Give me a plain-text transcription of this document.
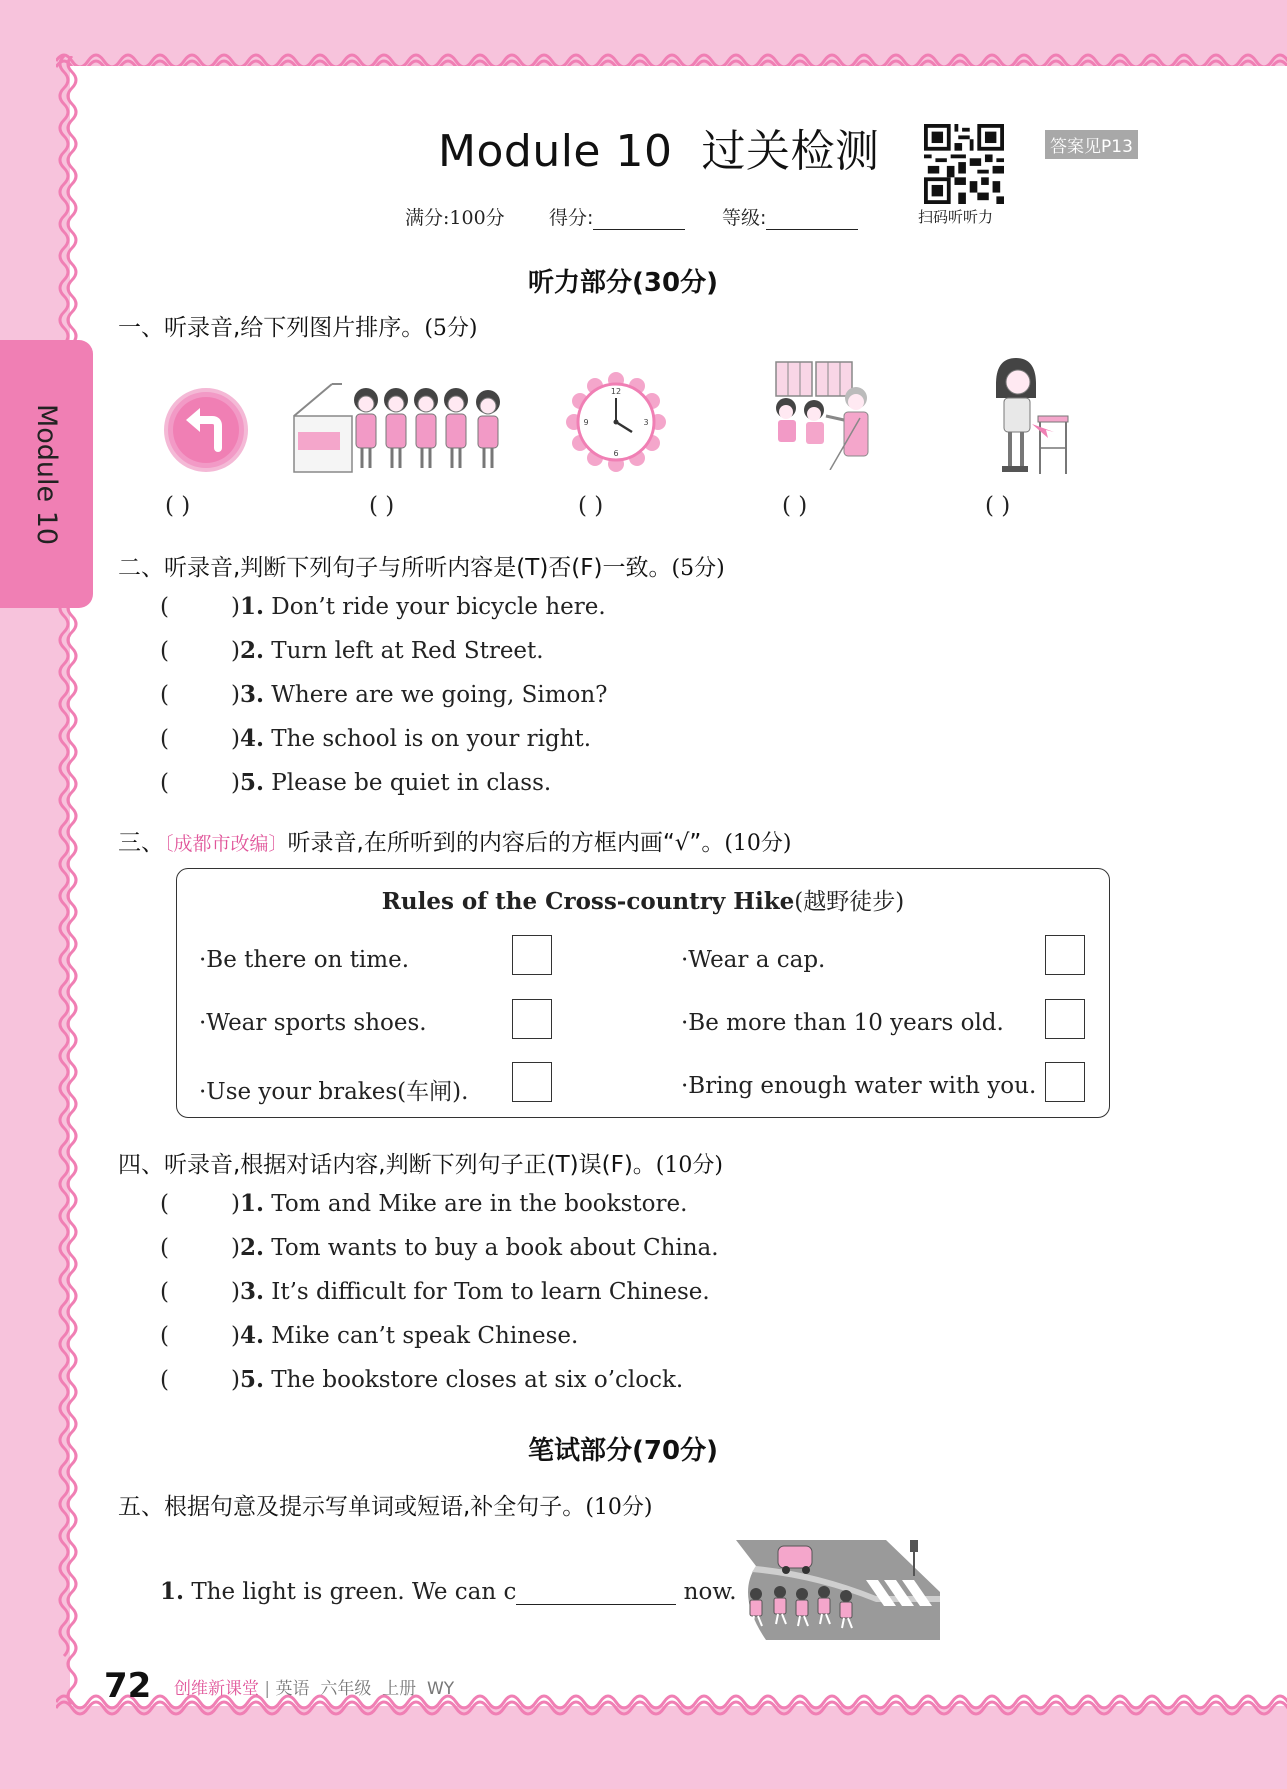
Module 10
Module 10  过关检测
扫码听听力
答案见P13
满分:100分 得分:	等级:
听力部分(30分)
一、听录音,给下列图片排序。(5分)
12
3
6
9
( )	( )	( )	( )	( )
二、听录音,判断下列句子与所听内容是(T)否(F)一致。(5分)
(	)1. Don’t ride your bicycle here.
(	)2. Turn left at Red Street.
(	)3. Where are we going, Simon?
(	)4. The school is on your right.
(	)5. Please be quiet in class.
三、〔成都市改编〕听录音,在所听到的内容后的方框内画“√”。(10分)
Rules of the Cross-country Hike(越野徒步)
·Be there on time.
·Wear sports shoes.
·Use your brakes(车闸).
·Wear a cap.
·Be more than 10 years old.
·Bring enough water with you.
四、听录音,根据对话内容,判断下列句子正(T)误(F)。(10分)
(	)1. Tom and Mike are in the bookstore.
(	)2. Tom wants to buy a book about China.
(	)3. It’s difficult for Tom to learn Chinese.
(	)4. Mike can’t speak Chinese.
(	)5. The bookstore closes at six o’clock.
笔试部分(70分)
五、根据句意及提示写单词或短语,补全句子。(10分)
1. The light is green. We can c	now.
72 创维新课堂 | 英语  六年级  上册  WY
